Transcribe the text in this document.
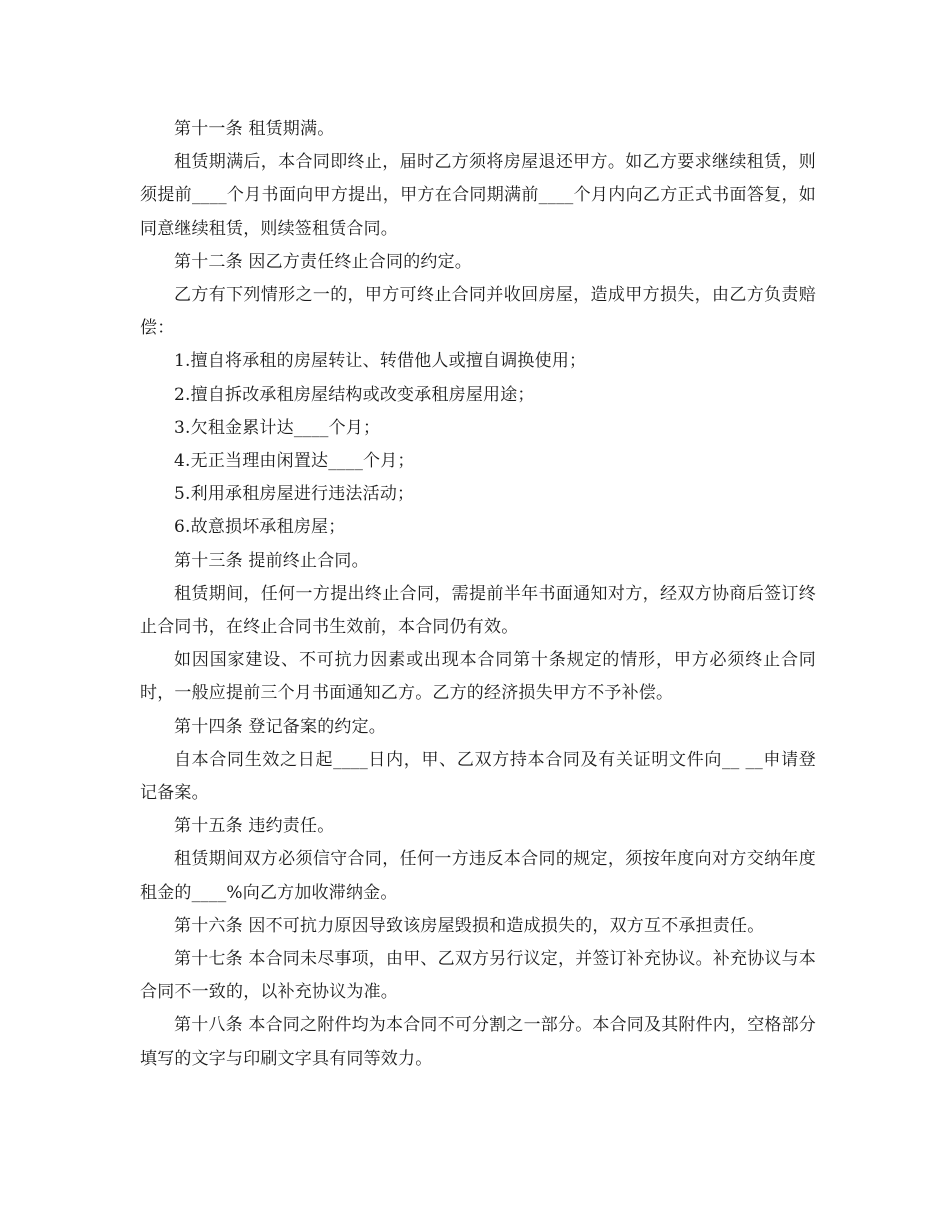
第十一条 租赁期满。

租赁期满后，本合同即终止，届时乙方须将房屋退还甲方。如乙方要求继续租赁，则须提前____个月书面向甲方提出，甲方在合同期满前____个月内向乙方正式书面答复，如同意继续租赁，则续签租赁合同。

第十二条 因乙方责任终止合同的约定。

乙方有下列情形之一的，甲方可终止合同并收回房屋，造成甲方损失，由乙方负责赔偿：

1.擅自将承租的房屋转让、转借他人或擅自调换使用；

2.擅自拆改承租房屋结构或改变承租房屋用途；

3.欠租金累计达____个月；

4.无正当理由闲置达____个月；

5.利用承租房屋进行违法活动；

6.故意损坏承租房屋；

第十三条 提前终止合同。

租赁期间，任何一方提出终止合同，需提前半年书面通知对方，经双方协商后签订终止合同书，在终止合同书生效前，本合同仍有效。

如因国家建设、不可抗力因素或出现本合同第十条规定的情形，甲方必须终止合同时，一般应提前三个月书面通知乙方。乙方的经济损失甲方不予补偿。

第十四条 登记备案的约定。

自本合同生效之日起____日内，甲、乙双方持本合同及有关证明文件向__ __申请登记备案。

第十五条 违约责任。

租赁期间双方必须信守合同，任何一方违反本合同的规定，须按年度向对方交纳年度租金的____%向乙方加收滞纳金。

第十六条 因不可抗力原因导致该房屋毁损和造成损失的，双方互不承担责任。

第十七条 本合同未尽事项，由甲、乙双方另行议定，并签订补充协议。补充协议与本合同不一致的，以补充协议为准。

第十八条 本合同之附件均为本合同不可分割之一部分。本合同及其附件内，空格部分填写的文字与印刷文字具有同等效力。
